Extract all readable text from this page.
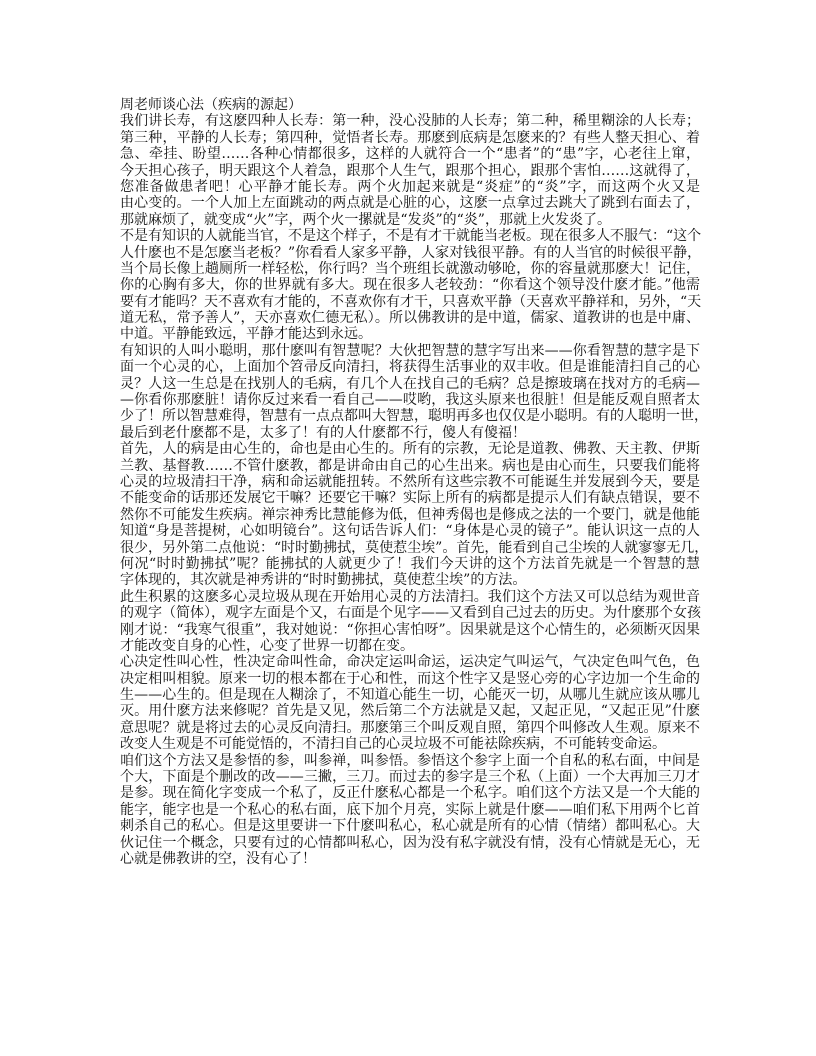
周老师谈心法（疾病的源起）
我们讲长寿，有这麽四种人长寿：第一种，没心没肺的人长寿；第二种，稀里糊涂的人长寿；
第三种，平静的人长寿；第四种，觉悟者长寿。那麽到底病是怎麽来的？有些人整天担心、着
急、牵挂、盼望……各种心情都很多，这样的人就符合一个“患者”的“患”字，心老往上窜，
今天担心孩子，明天跟这个人着急，跟那个人生气，跟那个担心，跟那个害怕……这就得了，
您准备做患者吧！心平静才能长寿。两个火加起来就是“炎症”的“炎”字，而这两个火又是
由心变的。一个人加上左面跳动的两点就是心脏的心，这麽一点拿过去跳大了跳到右面去了，
那就麻烦了，就变成“火”字，两个火一摞就是“发炎”的“炎”，那就上火发炎了。
不是有知识的人就能当官，不是这个样子，不是有才干就能当老板。现在很多人不服气：“这个
人什麽也不是怎麽当老板？”你看看人家多平静，人家对钱很平静。有的人当官的时候很平静，
当个局长像上趟厕所一样轻松，你行吗？当个班组长就激动够呛，你的容量就那麽大！记住，
你的心胸有多大，你的世界就有多大。现在很多人老较劲：“你看这个领导没什麽才能。”他需
要有才能吗？天不喜欢有才能的，不喜欢你有才干，只喜欢平静（天喜欢平静祥和，另外，“天
道无私，常予善人”，天亦喜欢仁德无私）。所以佛教讲的是中道，儒家、道教讲的也是中庸、
中道。平静能致远，平静才能达到永远。
有知识的人叫小聪明，那什麽叫有智慧呢？大伙把智慧的慧字写出来——你看智慧的慧字是下
面一个心灵的心，上面加个笤帚反向清扫，将获得生活事业的双丰收。但是谁能清扫自己的心
灵？人这一生总是在找别人的毛病，有几个人在找自己的毛病？总是擦玻璃在找对方的毛病—
—你看你那麽脏！请你反过来看一看自己——哎哟，我这头原来也很脏！但是能反观自照者太
少了！所以智慧难得，智慧有一点点都叫大智慧，聪明再多也仅仅是小聪明。有的人聪明一世，
最后到老什麽都不是，太多了！有的人什麽都不行，傻人有傻福！
首先，人的病是由心生的，命也是由心生的。所有的宗教，无论是道教、佛教、天主教、伊斯
兰教、基督教……不管什麽教，都是讲命由自己的心生出来。病也是由心而生，只要我们能将
心灵的垃圾清扫干净，病和命运就能扭转。不然所有这些宗教不可能诞生并发展到今天，要是
不能变命的话那还发展它干嘛？还要它干嘛？实际上所有的病都是提示人们有缺点错误，要不
然你不可能发生疾病。禅宗神秀比慧能修为低，但神秀偈也是修成之法的一个要门，就是他能
知道“身是菩提树，心如明镜台”。这句话告诉人们：“身体是心灵的镜子”。能认识这一点的人
很少，另外第二点他说：“时时勤拂拭，莫使惹尘埃”。首先，能看到自己尘埃的人就寥寥无几，
何况“时时勤拂拭”呢？能拂拭的人就更少了！我们今天讲的这个方法首先就是一个智慧的慧
字体现的，其次就是神秀讲的“时时勤拂拭，莫使惹尘埃”的方法。
此生积累的这麽多心灵垃圾从现在开始用心灵的方法清扫。我们这个方法又可以总结为观世音
的观字（简体），观字左面是个又，右面是个见字——又看到自己过去的历史。为什麽那个女孩
刚才说：“我寒气很重”，我对她说：“你担心害怕呀”。因果就是这个心情生的，必须断灭因果
才能改变自身的心性，心变了世界一切都在变。
心决定性叫心性，性决定命叫性命，命决定运叫命运，运决定气叫运气，气决定色叫气色，色
决定相叫相貌。原来一切的根本都在于心和性，而这个性字又是竖心旁的心字边加一个生命的
生——心生的。但是现在人糊涂了，不知道心能生一切，心能灭一切，从哪儿生就应该从哪儿
灭。用什麽方法来修呢？首先是又见，然后第二个方法就是又起，又起正见，“又起正见”什麽
意思呢？就是将过去的心灵反向清扫。那麽第三个叫反观自照，第四个叫修改人生观。原来不
改变人生观是不可能觉悟的，不清扫自己的心灵垃圾不可能祛除疾病，不可能转变命运。
咱们这个方法又是参悟的参，叫参禅，叫参悟。参悟这个参字上面一个自私的私右面，中间是
个大，下面是个删改的改——三撇，三刀。而过去的参字是三个私（上面）一个大再加三刀才
是参。现在简化字变成一个私了，反正什麽私心都是一个私字。咱们这个方法又是一个大能的
能字，能字也是一个私心的私右面，底下加个月亮，实际上就是什麽——咱们私下用两个匕首
刺杀自己的私心。但是这里要讲一下什麽叫私心，私心就是所有的心情（情绪）都叫私心。大
伙记住一个概念，只要有过的心情都叫私心，因为没有私字就没有情，没有心情就是无心，无
心就是佛教讲的空，没有心了！
